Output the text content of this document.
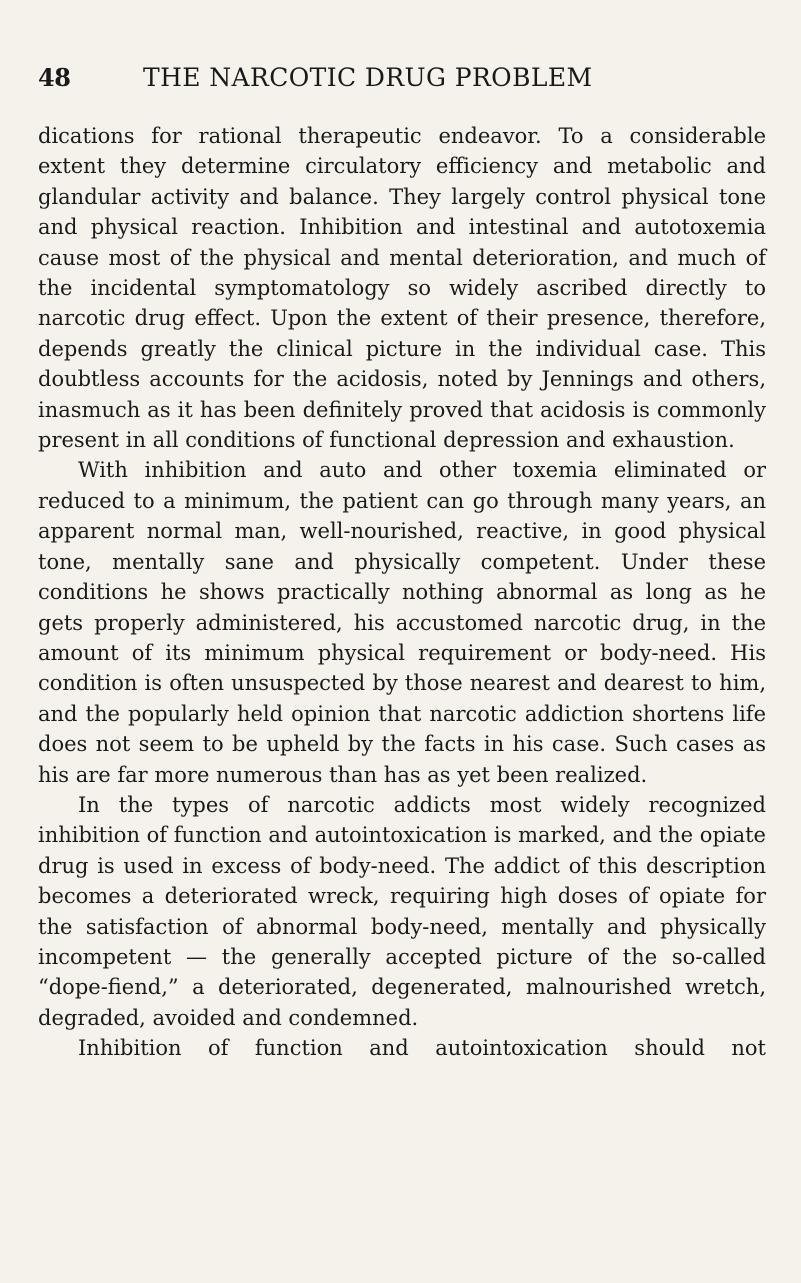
48	THE NARCOTIC DRUG PROBLEM

dications for rational therapeutic endeavor. To a considerable extent they determine circulatory efficiency and metabolic and glandular activity and balance. They largely control physical tone and physical reaction. Inhibition and intestinal and autotoxemia cause most of the physical and mental deterioration, and much of the incidental symptomatology so widely ascribed directly to narcotic drug effect. Upon the extent of their presence, therefore, depends greatly the clinical picture in the individual case. This doubtless accounts for the acidosis, noted by Jennings and others, inasmuch as it has been definitely proved that acidosis is commonly present in all conditions of functional depression and exhaustion.

With inhibition and auto and other toxemia eliminated or reduced to a minimum, the patient can go through many years, an apparent normal man, well-nourished, reactive, in good physical tone, mentally sane and physically competent. Under these conditions he shows practically nothing abnormal as long as he gets properly administered, his accustomed narcotic drug, in the amount of its minimum physical requirement or body-need. His condition is often unsuspected by those nearest and dearest to him, and the popularly held opinion that narcotic addiction shortens life does not seem to be upheld by the facts in his case. Such cases as his are far more numerous than has as yet been realized.

In the types of narcotic addicts most widely recognized inhibition of function and autointoxication is marked, and the opiate drug is used in excess of body-need. The addict of this description becomes a deteriorated wreck, requiring high doses of opiate for the satisfaction of abnormal body-need, mentally and physically incompetent — the generally accepted picture of the so-called “dope-fiend,” a deteriorated, degenerated, malnourished wretch, degraded, avoided and condemned.

Inhibition of function and autointoxication should not
